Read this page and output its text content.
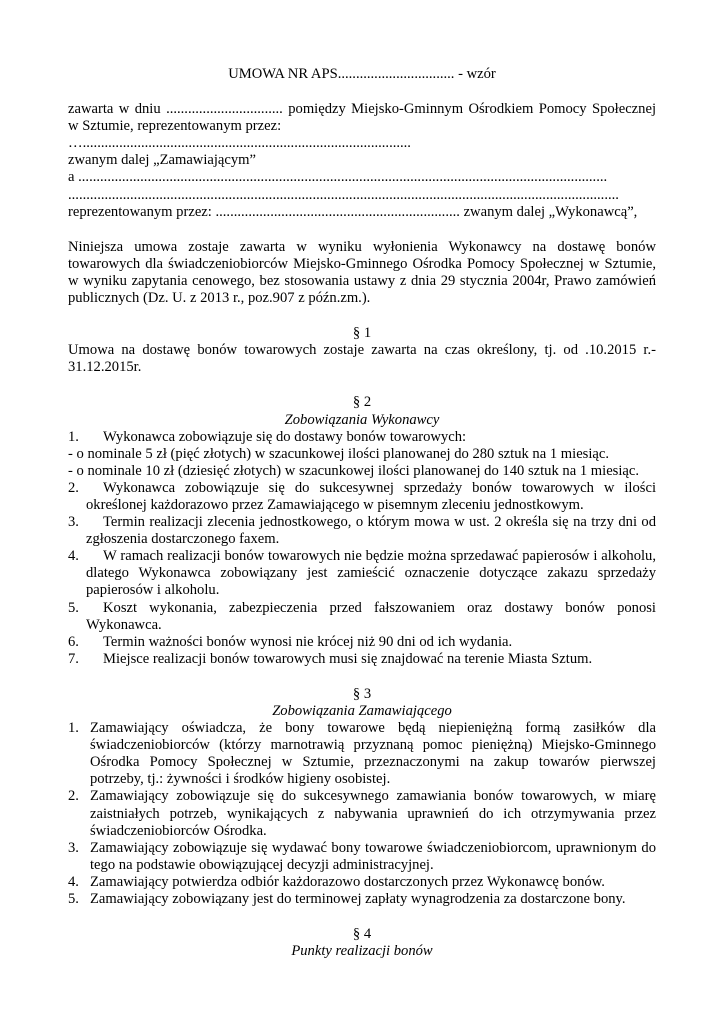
UMOWA NR APS................................ - wzór
zawarta w dniu ................................ pomiędzy Miejsko-Gminnym Ośrodkiem Pomocy Społecznej
w Sztumie, reprezentowanym przez:
…..........................................................................................
zwanym dalej „Zamawiającym”
a .................................................................................................................................................
.......................................................................................................................................................
reprezentowanym przez: ................................................................... zwanym dalej „Wykonawcą”,
Niniejsza umowa zostaje zawarta w wyniku wyłonienia Wykonawcy na dostawę bonów
towarowych dla świadczeniobiorców Miejsko-Gminnego Ośrodka Pomocy Społecznej w Sztumie,
w wyniku zapytania cenowego, bez stosowania ustawy z dnia 29 stycznia 2004r, Prawo zamówień
publicznych (Dz. U. z 2013 r., poz.907 z późn.zm.).
§ 1
Umowa na dostawę bonów towarowych zostaje zawarta na czas określony, tj. od .10.2015 r.-
31.12.2015r.
§ 2
Zobowiązania Wykonawcy
1.	Wykonawca zobowiązuje się do dostawy bonów towarowych:
- o nominale 5 zł (pięć złotych) w szacunkowej ilości planowanej do 280 sztuk na 1 miesiąc.
- o nominale 10 zł (dziesięć złotych) w szacunkowej ilości planowanej do 140 sztuk na 1 miesiąc.
2.	Wykonawca zobowiązuje się do sukcesywnej sprzedaży bonów towarowych w ilości
określonej każdorazowo przez Zamawiającego w pisemnym zleceniu jednostkowym.
3.	Termin realizacji zlecenia jednostkowego, o którym mowa w ust. 2 określa się na trzy dni od
zgłoszenia dostarczonego faxem.
4.	W ramach realizacji bonów towarowych nie będzie można sprzedawać papierosów i alkoholu,
dlatego Wykonawca zobowiązany jest zamieścić oznaczenie dotyczące zakazu sprzedaży
papierosów i alkoholu.
5.	Koszt wykonania, zabezpieczenia przed fałszowaniem oraz dostawy bonów ponosi
Wykonawca.
6.	Termin ważności bonów wynosi nie krócej niż 90 dni od ich wydania.
7.	Miejsce realizacji bonów towarowych musi się znajdować na terenie Miasta Sztum.
§ 3
Zobowiązania Zamawiającego
1. Zamawiający oświadcza, że bony towarowe będą niepieniężną formą zasiłków dla
świadczeniobiorców (którzy marnotrawią przyznaną pomoc pieniężną) Miejsko-Gminnego
Ośrodka Pomocy Społecznej w Sztumie, przeznaczonymi na zakup towarów pierwszej
potrzeby, tj.: żywności i środków higieny osobistej.
2. Zamawiający zobowiązuje się do sukcesywnego zamawiania bonów towarowych, w miarę
zaistniałych potrzeb, wynikających z nabywania uprawnień do ich otrzymywania przez
świadczeniobiorców Ośrodka.
3. Zamawiający zobowiązuje się wydawać bony towarowe świadczeniobiorcom, uprawnionym do
tego na podstawie obowiązującej decyzji administracyjnej.
4. Zamawiający potwierdza odbiór każdorazowo dostarczonych przez Wykonawcę bonów.
5. Zamawiający zobowiązany jest do terminowej zapłaty wynagrodzenia za dostarczone bony.
§ 4
Punkty realizacji bonów
